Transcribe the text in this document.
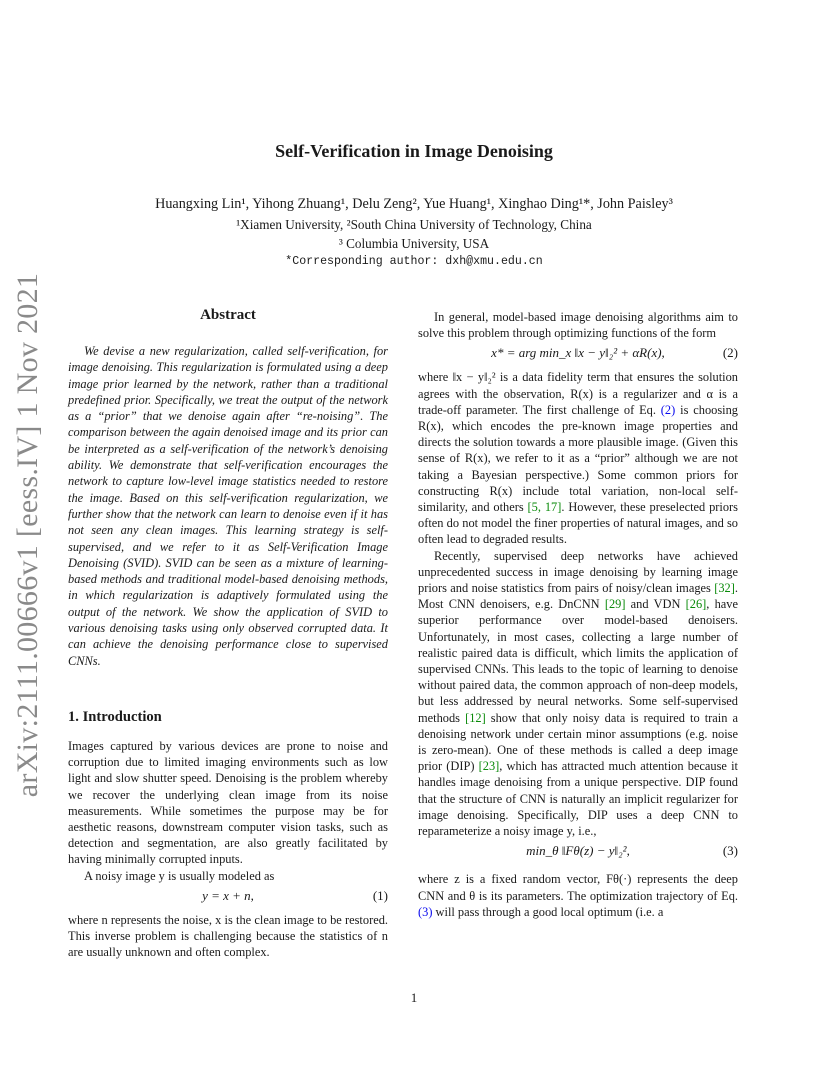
arXiv:2111.00666v1 [eess.IV] 1 Nov 2021
Self-Verification in Image Denoising
Huangxing Lin¹, Yihong Zhuang¹, Delu Zeng², Yue Huang¹, Xinghao Ding¹*, John Paisley³
¹Xiamen University, ²South China University of Technology, China
³ Columbia University, USA
*Corresponding author: dxh@xmu.edu.cn
Abstract
We devise a new regularization, called self-verification, for image denoising. This regularization is formulated using a deep image prior learned by the network, rather than a traditional predefined prior. Specifically, we treat the output of the network as a “prior” that we denoise again after “re-noising”. The comparison between the again denoised image and its prior can be interpreted as a self-verification of the network’s denoising ability. We demonstrate that self-verification encourages the network to capture low-level image statistics needed to restore the image. Based on this self-verification regularization, we further show that the network can learn to denoise even if it has not seen any clean images. This learning strategy is self-supervised, and we refer to it as Self-Verification Image Denoising (SVID). SVID can be seen as a mixture of learning-based methods and traditional model-based denoising methods, in which regularization is adaptively formulated using the output of the network. We show the application of SVID to various denoising tasks using only observed corrupted data. It can achieve the denoising performance close to supervised CNNs.
1. Introduction

Images captured by various devices are prone to noise and corruption due to limited imaging environments such as low light and slow shutter speed. Denoising is the problem whereby we recover the underlying clean image from its noise measurements. While sometimes the purpose may be for aesthetic reasons, downstream computer vision tasks, such as detection and segmentation, are also greatly facilitated by having minimally corrupted inputs.

A noisy image y is usually modeled as

y = x + n,	(1)

where n represents the noise, x is the clean image to be restored. This inverse problem is challenging because the statistics of n are usually unknown and often complex.

In general, model-based image denoising algorithms aim to solve this problem through optimizing functions of the form

x* = arg min_x ‖x − y‖₂² + αR(x),	(2)

where ‖x − y‖₂² is a data fidelity term that ensures the solution agrees with the observation, R(x) is a regularizer and α is a trade-off parameter. The first challenge of Eq. (2) is choosing R(x), which encodes the pre-known image properties and directs the solution towards a more plausible image. (Given this sense of R(x), we refer to it as a “prior” although we are not taking a Bayesian perspective.) Some common priors for constructing R(x) include total variation, non-local self-similarity, and others [5, 17]. However, these preselected priors often do not model the finer properties of natural images, and so often lead to degraded results.

Recently, supervised deep networks have achieved unprecedented success in image denoising by learning image priors and noise statistics from pairs of noisy/clean images [32]. Most CNN denoisers, e.g. DnCNN [29] and VDN [26], have superior performance over model-based denoisers. Unfortunately, in most cases, collecting a large number of realistic paired data is difficult, which limits the application of supervised CNNs. This leads to the topic of learning to denoise without paired data, the common approach of non-deep models, but less addressed by neural networks. Some self-supervised methods [12] show that only noisy data is required to train a denoising network under certain minor assumptions (e.g. noise is zero-mean). One of these methods is called a deep image prior (DIP) [23], which has attracted much attention because it handles image denoising from a unique perspective. DIP found that the structure of CNN is naturally an implicit regularizer for image denoising. Specifically, DIP uses a deep CNN to reparameterize a noisy image y, i.e.,

min_θ ‖Fθ(z) − y‖₂²,	(3)

where z is a fixed random vector, Fθ(·) represents the deep CNN and θ is its parameters. The optimization trajectory of Eq. (3) will pass through a good local optimum (i.e. a

1
